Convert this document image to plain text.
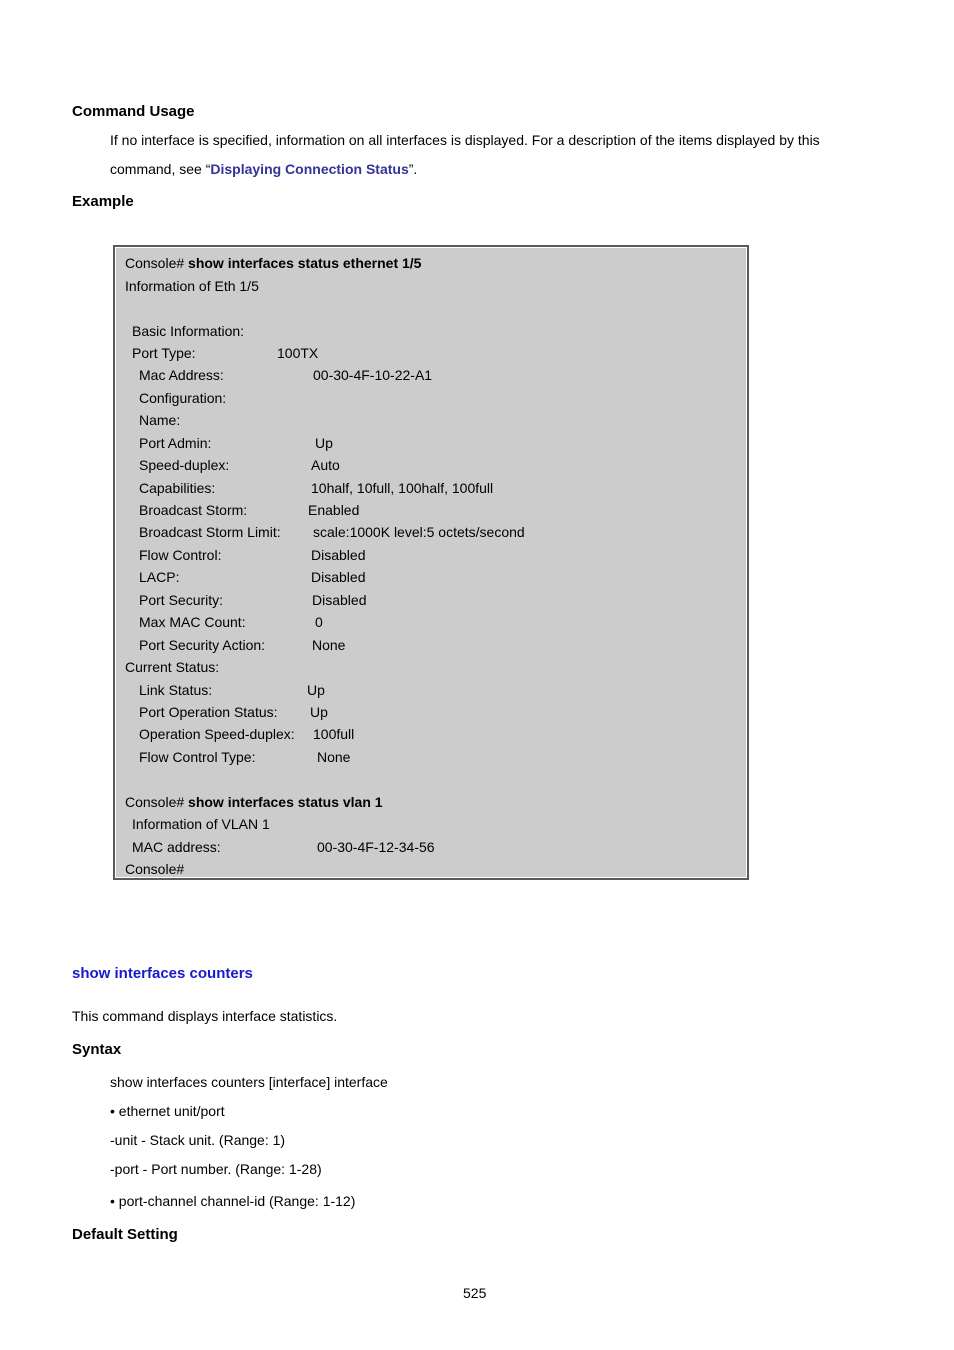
Command Usage
If no interface is specified, information on all interfaces is displayed. For a description of the items displayed by this
command, see “Displaying Connection Status”.
Example
Console# show interfaces status ethernet 1/5
Information of Eth 1/5
Basic Information:
Port Type:	100TX
Mac Address:	00-30-4F-10-22-A1
Configuration:
Name:
Port Admin:	Up
Speed-duplex:	Auto
Capabilities:	10half, 10full, 100half, 100full
Broadcast Storm:	Enabled
Broadcast Storm Limit: scale:1000K level:5 octets/second
Flow Control:	Disabled
LACP:	Disabled
Port Security:	Disabled
Max MAC Count:	0
Port Security Action:	None
Current Status:
Link Status:	Up
Port Operation Status: Up
Operation Speed-duplex: 100full
Flow Control Type:	None
Console# show interfaces status vlan 1
Information of VLAN 1
MAC address:	00-30-4F-12-34-56
Console#
show interfaces counters
This command displays interface statistics.
Syntax
show interfaces counters [interface] interface
• ethernet unit/port
-unit - Stack unit. (Range: 1)
-port - Port number. (Range: 1-28)
• port-channel channel-id (Range: 1-12)
Default Setting
525
